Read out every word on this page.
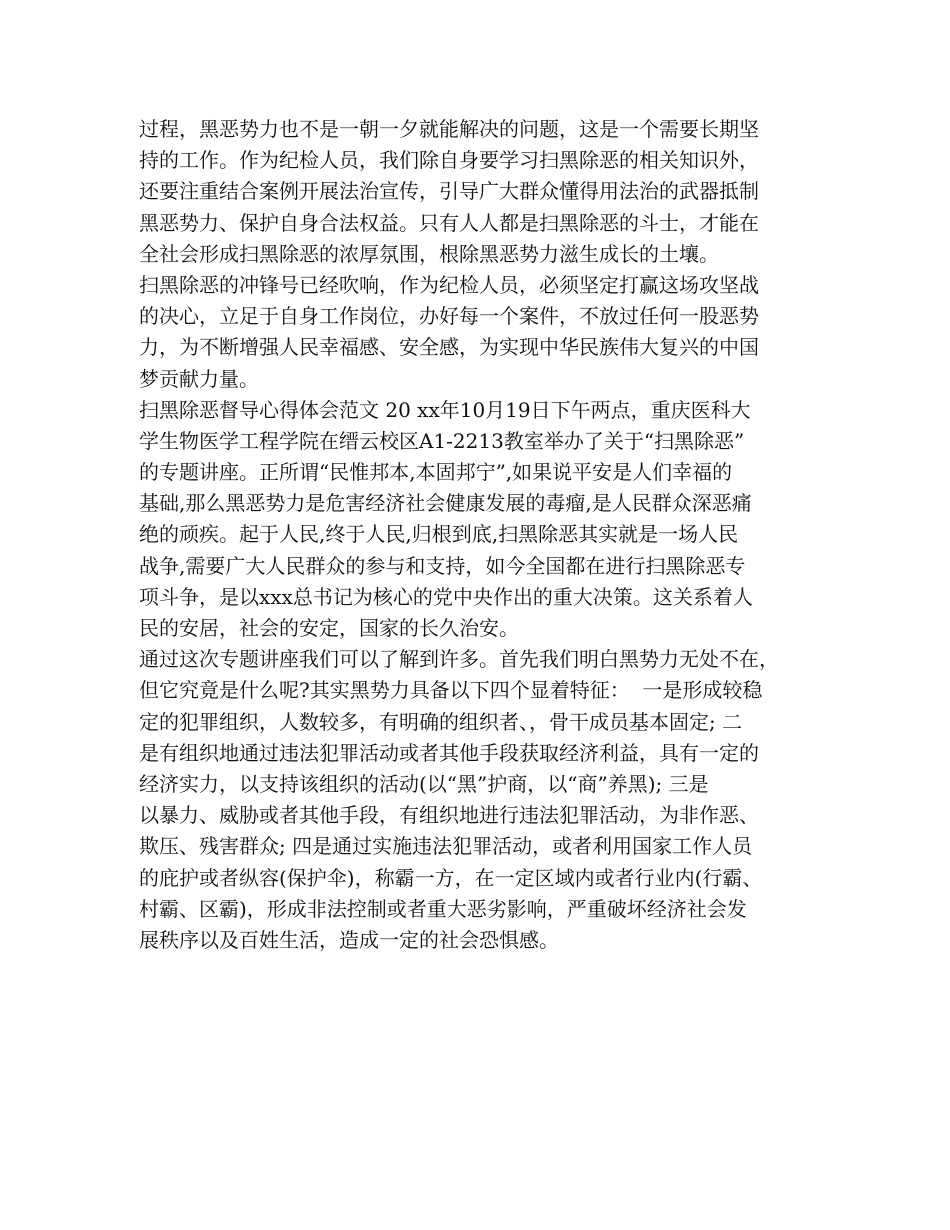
过程，黑恶势力也不是一朝一夕就能解决的问题，这是一个需要长期坚
持的工作。作为纪检人员，我们除自身要学习扫黑除恶的相关知识外，
还要注重结合案例开展法治宣传，引导广大群众懂得用法治的武器抵制
黑恶势力、保护自身合法权益。只有人人都是扫黑除恶的斗士，才能在
全社会形成扫黑除恶的浓厚氛围，根除黑恶势力滋生成长的土壤。
扫黑除恶的冲锋号已经吹响，作为纪检人员，必须坚定打赢这场攻坚战
的决心，立足于自身工作岗位，办好每一个案件，不放过任何一股恶势
力，为不断增强人民幸福感、安全感，为实现中华民族伟大复兴的中国
梦贡献力量。
扫黑除恶督导心得体会范文 20 xx年10月19日下午两点，重庆医科大
学生物医学工程学院在缙云校区A1-2213教室举办了关于“扫黑除恶”
的专题讲座。正所谓“民惟邦本,本固邦宁”,如果说平安是人们幸福的
基础,那么黑恶势力是危害经济社会健康发展的毒瘤,是人民群众深恶痛
绝的顽疾。起于人民,终于人民,归根到底,扫黑除恶其实就是一场人民
战争,需要广大人民群众的参与和支持，如今全国都在进行扫黑除恶专
项斗争，是以xxx总书记为核心的党中央作出的重大决策。这关系着人
民的安居，社会的安定，国家的长久治安。
通过这次专题讲座我们可以了解到许多。首先我们明白黑势力无处不在，
但它究竟是什么呢?其实黑势力具备以下四个显着特征：  一是形成较稳
定的犯罪组织，人数较多，有明确的组织者、，骨干成员基本固定; 二
是有组织地通过违法犯罪活动或者其他手段获取经济利益，具有一定的
经济实力，以支持该组织的活动(以“黑”护商，以“商”养黑); 三是
以暴力、威胁或者其他手段，有组织地进行违法犯罪活动，为非作恶、
欺压、残害群众; 四是通过实施违法犯罪活动，或者利用国家工作人员
的庇护或者纵容(保护伞)，称霸一方，在一定区域内或者行业内(行霸、
村霸、区霸)，形成非法控制或者重大恶劣影响，严重破坏经济社会发
展秩序以及百姓生活，造成一定的社会恐惧感。
